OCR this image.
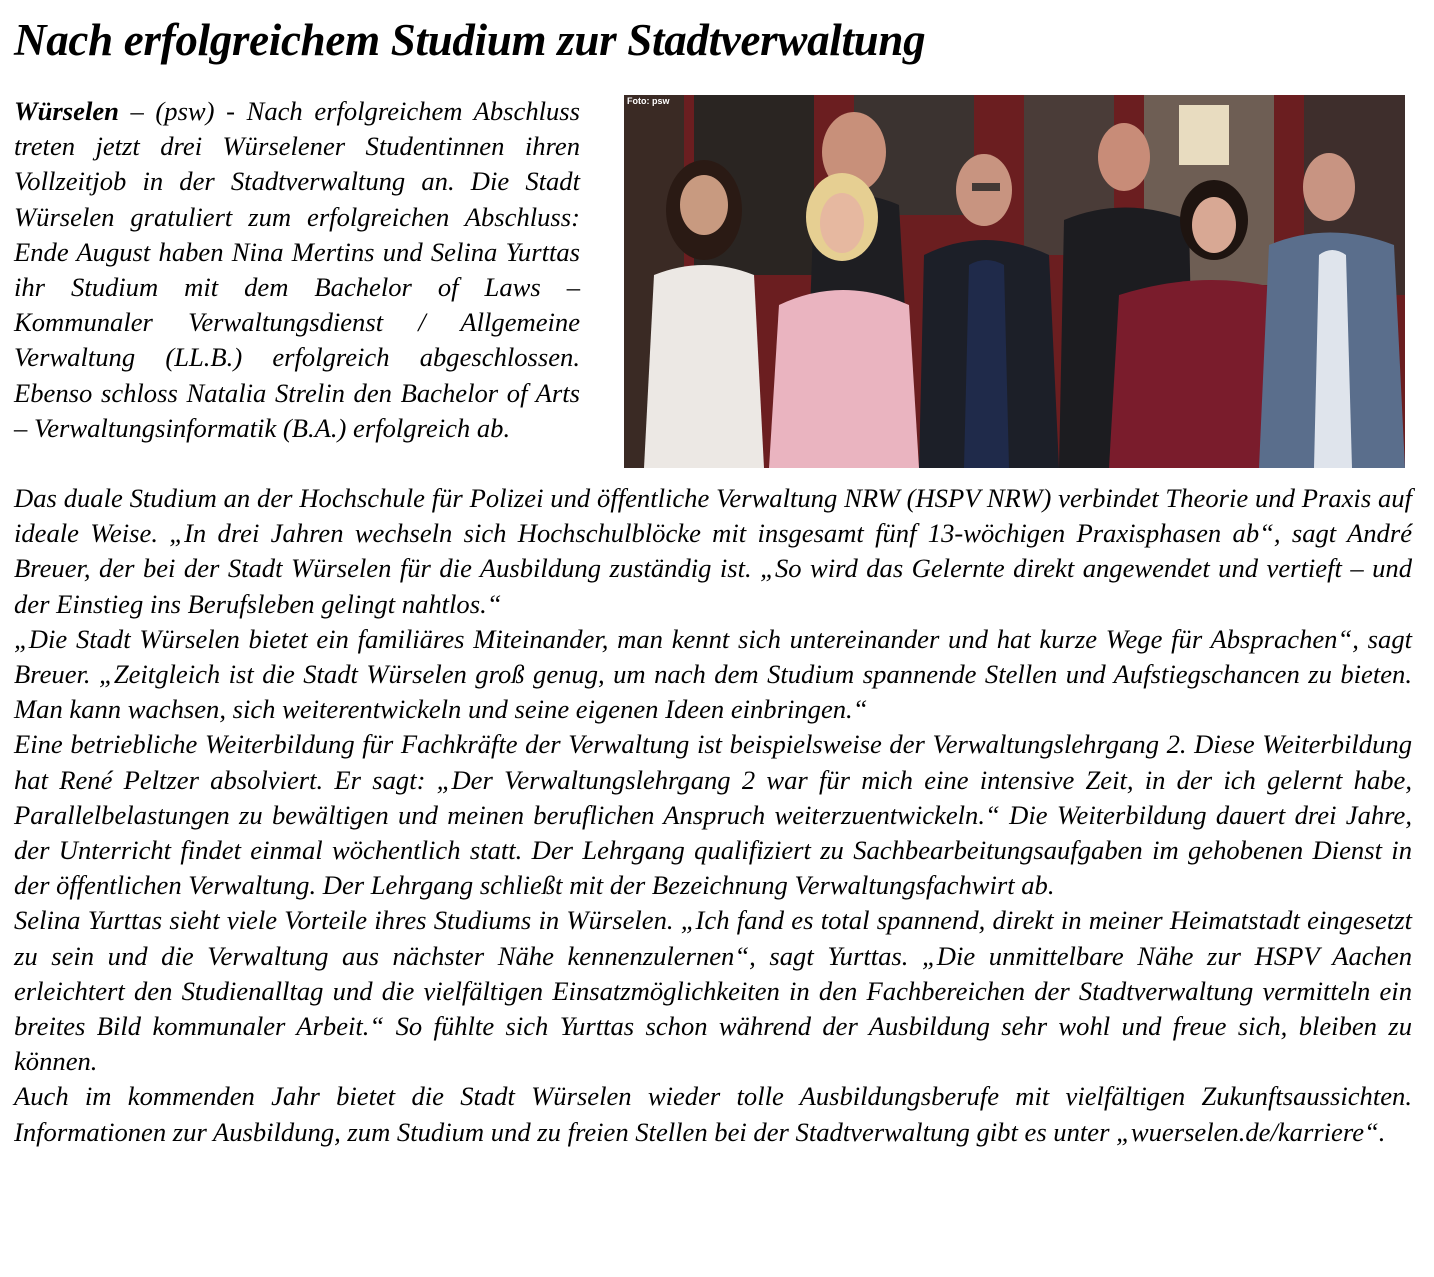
Nach erfolgreichem Studium zur Stadtverwaltung

Würselen – (psw) - Nach erfolgreichem Abschluss treten jetzt drei Würselener Studentinnen ihren Vollzeitjob in der Stadtverwaltung an. Die Stadt Würselen gratuliert zum erfolgreichen Abschluss: Ende August haben Nina Mertins und Selina Yurttas ihr Studium mit dem Bachelor of Laws – Kommunaler Verwaltungsdienst / Allgemeine Verwaltung (LL.B.) erfolgreich abgeschlossen. Ebenso schloss Natalia Strelin den Bachelor of Arts – Verwaltungsinformatik (B.A.) erfolgreich ab.

Foto: psw

Das duale Studium an der Hochschule für Polizei und öffentliche Verwaltung NRW (HSPV NRW) verbindet Theorie und Praxis auf ideale Weise. „In drei Jahren wechseln sich Hochschulblöcke mit insgesamt fünf 13-wöchigen Praxisphasen ab“, sagt André Breuer, der bei der Stadt Würselen für die Ausbildung zuständig ist. „So wird das Gelernte direkt angewendet und vertieft – und der Einstieg ins Berufsleben gelingt nahtlos.“

„Die Stadt Würselen bietet ein familiäres Miteinander, man kennt sich untereinander und hat kurze Wege für Absprachen“, sagt Breuer. „Zeitgleich ist die Stadt Würselen groß genug, um nach dem Studium spannende Stellen und Aufstiegschancen zu bieten. Man kann wachsen, sich weiterentwickeln und seine eigenen Ideen einbringen.“

Eine betriebliche Weiterbildung für Fachkräfte der Verwaltung ist beispielsweise der Verwaltungslehrgang 2. Diese Weiterbildung hat René Peltzer absolviert. Er sagt: „Der Verwaltungslehrgang 2 war für mich eine intensive Zeit, in der ich gelernt habe, Parallelbelastungen zu bewältigen und meinen beruflichen Anspruch weiterzuentwickeln.“ Die Weiterbildung dauert drei Jahre, der Unterricht findet einmal wöchentlich statt. Der Lehrgang qualifiziert zu Sachbearbeitungsaufgaben im gehobenen Dienst in der öffentlichen Verwaltung. Der Lehrgang schließt mit der Bezeichnung Verwaltungsfachwirt ab.

Selina Yurttas sieht viele Vorteile ihres Studiums in Würselen. „Ich fand es total spannend, direkt in meiner Heimatstadt eingesetzt zu sein und die Verwaltung aus nächster Nähe kennenzulernen“, sagt Yurttas. „Die unmittelbare Nähe zur HSPV Aachen erleichtert den Studienalltag und die vielfältigen Einsatzmöglichkeiten in den Fachbereichen der Stadtverwaltung vermitteln ein breites Bild kommunaler Arbeit.“ So fühlte sich Yurttas schon während der Ausbildung sehr wohl und freue sich, bleiben zu können.

Auch im kommenden Jahr bietet die Stadt Würselen wieder tolle Ausbildungsberufe mit vielfältigen Zukunftsaussichten. Informationen zur Ausbildung, zum Studium und zu freien Stellen bei der Stadtverwaltung gibt es unter „wuerselen.de/karriere“.
